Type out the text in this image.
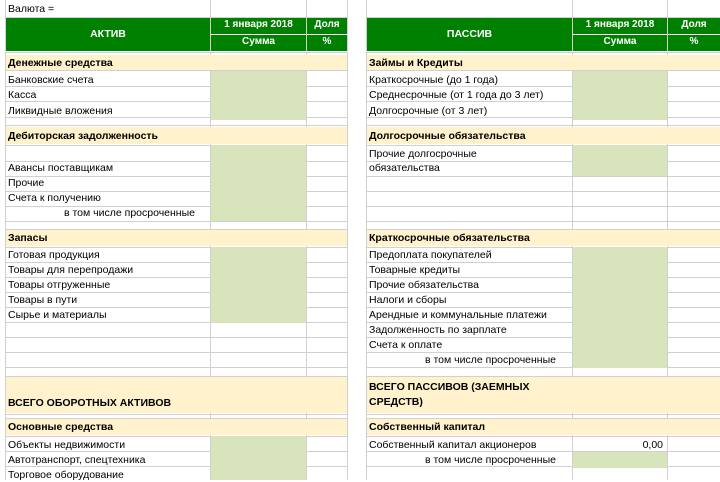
Валюта =
АКТИВ
1 января 2018
Сумма
Доля
%
ПАССИВ
1 января 2018
Сумма
Доля
%
Денежные средства
Банковские счета
Касса
Ликвидные вложения
Дебиторская задолженность
Авансы поставщикам
Прочие
Счета к получению
в том числе просроченные
Запасы
Готовая продукция
Товары для перепродажи
Товары отгруженные
Товары в пути
Сырье и материалы
ВСЕГО ОБОРОТНЫХ АКТИВОВ
Основные средства
Объекты недвижимости
Автотранспорт, спецтехника
Торговое оборудование
Займы и Кредиты
Краткосрочные (до 1 года)
Среднесрочные (от 1 года до 3 лет)
Долгосрочные (от 3 лет)
Долгосрочные обязательства
Прочие долгосрочные
обязательства
Краткосрочные обязательства
Предоплата покупателей
Товарные кредиты
Прочие обязательства
Налоги и сборы
Арендные и коммунальные платежи
Задолженность по зарплате
Счета к оплате
в том числе просроченные
ВСЕГО ПАССИВОВ (ЗАЕМНЫХ
СРЕДСТВ)
Собственный капитал
Собственный капитал акционеров	0,00
в том числе просроченные
